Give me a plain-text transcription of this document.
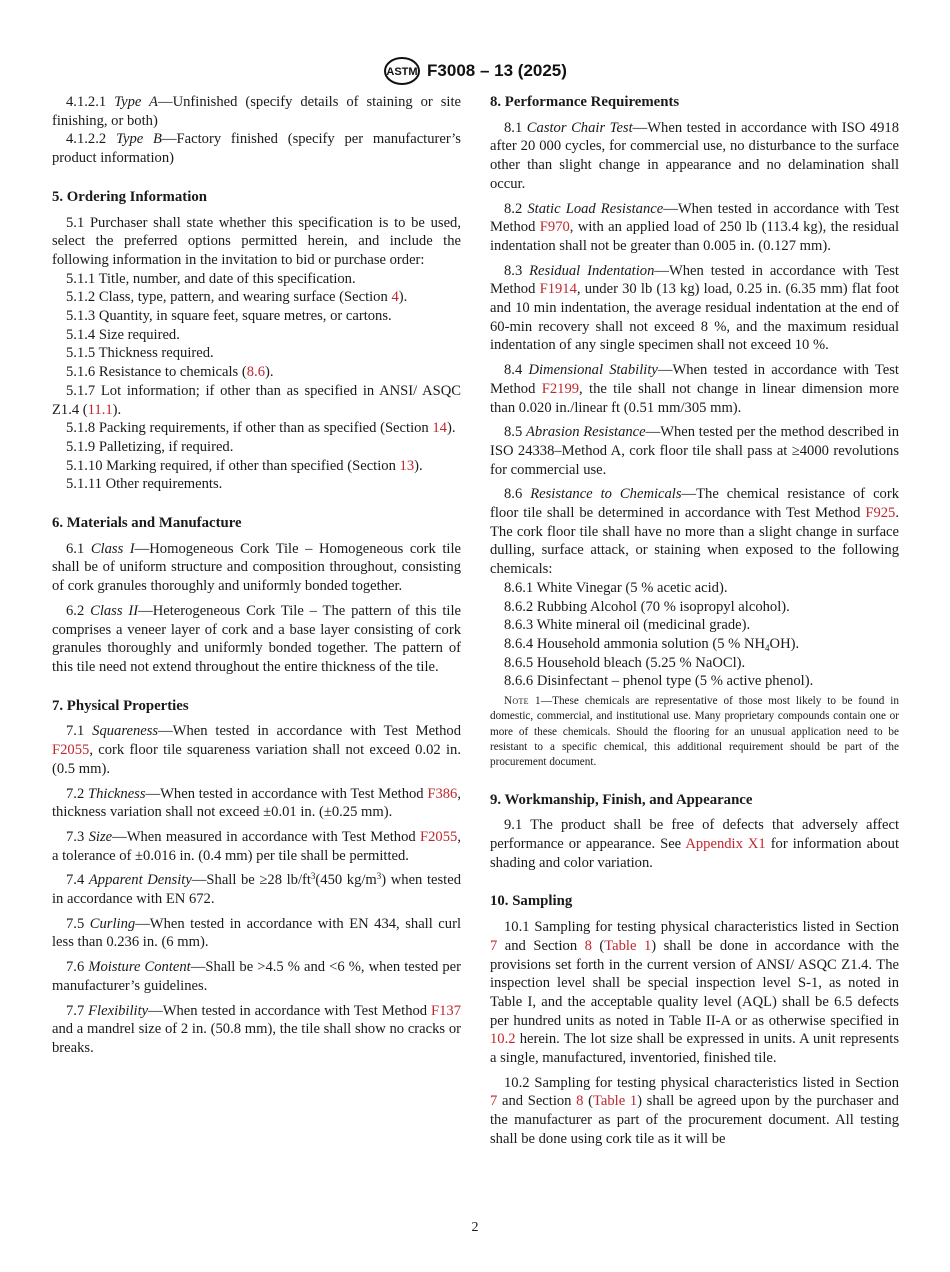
ASTM F3008 – 13 (2025)

4.1.2.1 Type A—Unfinished (specify details of staining or site finishing, or both)

4.1.2.2 Type B—Factory finished (specify per manufacturer’s product information)

5. Ordering Information

5.1 Purchaser shall state whether this specification is to be used, select the preferred options permitted herein, and include the following information in the invitation to bid or purchase order:

5.1.1 Title, number, and date of this specification.

5.1.2 Class, type, pattern, and wearing surface (Section 4).

5.1.3 Quantity, in square feet, square metres, or cartons.

5.1.4 Size required.

5.1.5 Thickness required.

5.1.6 Resistance to chemicals (8.6).

5.1.7 Lot information; if other than as specified in ANSI/ ASQC Z1.4 (11.1).

5.1.8 Packing requirements, if other than as specified (Section 14).

5.1.9 Palletizing, if required.

5.1.10 Marking required, if other than specified (Section 13).

5.1.11 Other requirements.

6. Materials and Manufacture

6.1 Class I—Homogeneous Cork Tile – Homogeneous cork tile shall be of uniform structure and composition throughout, consisting of cork granules thoroughly and uniformly bonded together.

6.2 Class II—Heterogeneous Cork Tile – The pattern of this tile comprises a veneer layer of cork and a base layer consisting of cork granules thoroughly and uniformly bonded together. The pattern of this tile need not extend throughout the entire thickness of the tile.

7. Physical Properties

7.1 Squareness—When tested in accordance with Test Method F2055, cork floor tile squareness variation shall not exceed 0.02 in. (0.5 mm).

7.2 Thickness—When tested in accordance with Test Method F386, thickness variation shall not exceed ±0.01 in. (±0.25 mm).

7.3 Size—When measured in accordance with Test Method F2055, a tolerance of ±0.016 in. (0.4 mm) per tile shall be permitted.

7.4 Apparent Density—Shall be ≥28 $lb/ft^3(450$ $kg/m^3$) when tested in accordance with EN 672.

7.5 Curling—When tested in accordance with EN 434, shall curl less than 0.236 in. (6 mm).

7.6 Moisture Content—Shall be >4.5 % and <6 %, when tested per manufacturer’s guidelines.

7.7 Flexibility—When tested in accordance with Test Method F137 and a mandrel size of 2 in. (50.8 mm), the tile shall show no cracks or breaks.

8. Performance Requirements

8.1 Castor Chair Test—When tested in accordance with ISO 4918 after 20 000 cycles, for commercial use, no disturbance to the surface other than slight change in appearance and no delamination shall occur.

8.2 Static Load Resistance—When tested in accordance with Test Method F970, with an applied load of 250 lb (113.4 kg), the residual indentation shall not be greater than 0.005 in. (0.127 mm).

8.3 Residual Indentation—When tested in accordance with Test Method F1914, under 30 lb (13 kg) load, 0.25 in. (6.35 mm) flat foot and 10 min indentation, the average residual indentation at the end of 60-min recovery shall not exceed 8 %, and the maximum residual indentation of any single specimen shall not exceed 10 %.

8.4 Dimensional Stability—When tested in accordance with Test Method F2199, the tile shall not change in linear dimension more than 0.020 in./linear ft (0.51 mm/305 mm).

8.5 Abrasion Resistance—When tested per the method described in ISO 24338–Method A, cork floor tile shall pass at ≥4000 revolutions for commercial use.

8.6 Resistance to Chemicals—The chemical resistance of cork floor tile shall be determined in accordance with Test Method F925. The cork floor tile shall have no more than a slight change in surface dulling, surface attack, or staining when exposed to the following chemicals:

8.6.1 White Vinegar (5 % acetic acid).

8.6.2 Rubbing Alcohol (70 % isopropyl alcohol).

8.6.3 White mineral oil (medicinal grade).

8.6.4 Household ammonia solution (5 % $NH_4OH$).

8.6.5 Household bleach (5.25 % NaOCl).

8.6.6 Disinfectant – phenol type (5 % active phenol).

Note 1—These chemicals are representative of those most likely to be found in domestic, commercial, and institutional use. Many proprietary compounds contain one or more of these chemicals. Should the flooring for an unusual application need to be resistant to a specific chemical, this additional requirement should be part of the procurement document.

9. Workmanship, Finish, and Appearance

9.1 The product shall be free of defects that adversely affect performance or appearance. See Appendix X1 for information about shading and color variation.

10. Sampling

10.1 Sampling for testing physical characteristics listed in Section 7 and Section 8 (Table 1) shall be done in accordance with the provisions set forth in the current version of ANSI/ ASQC Z1.4. The inspection level shall be special inspection level S-1, as noted in Table I, and the acceptable quality level (AQL) shall be 6.5 defects per hundred units as noted in Table II-A or as otherwise specified in 10.2 herein. The lot size shall be expressed in units. A unit represents a single, manufactured, inventoried, finished tile.

10.2 Sampling for testing physical characteristics listed in Section 7 and Section 8 (Table 1) shall be agreed upon by the purchaser and the manufacturer as part of the procurement document. All testing shall be done using cork tile as it will be

2
